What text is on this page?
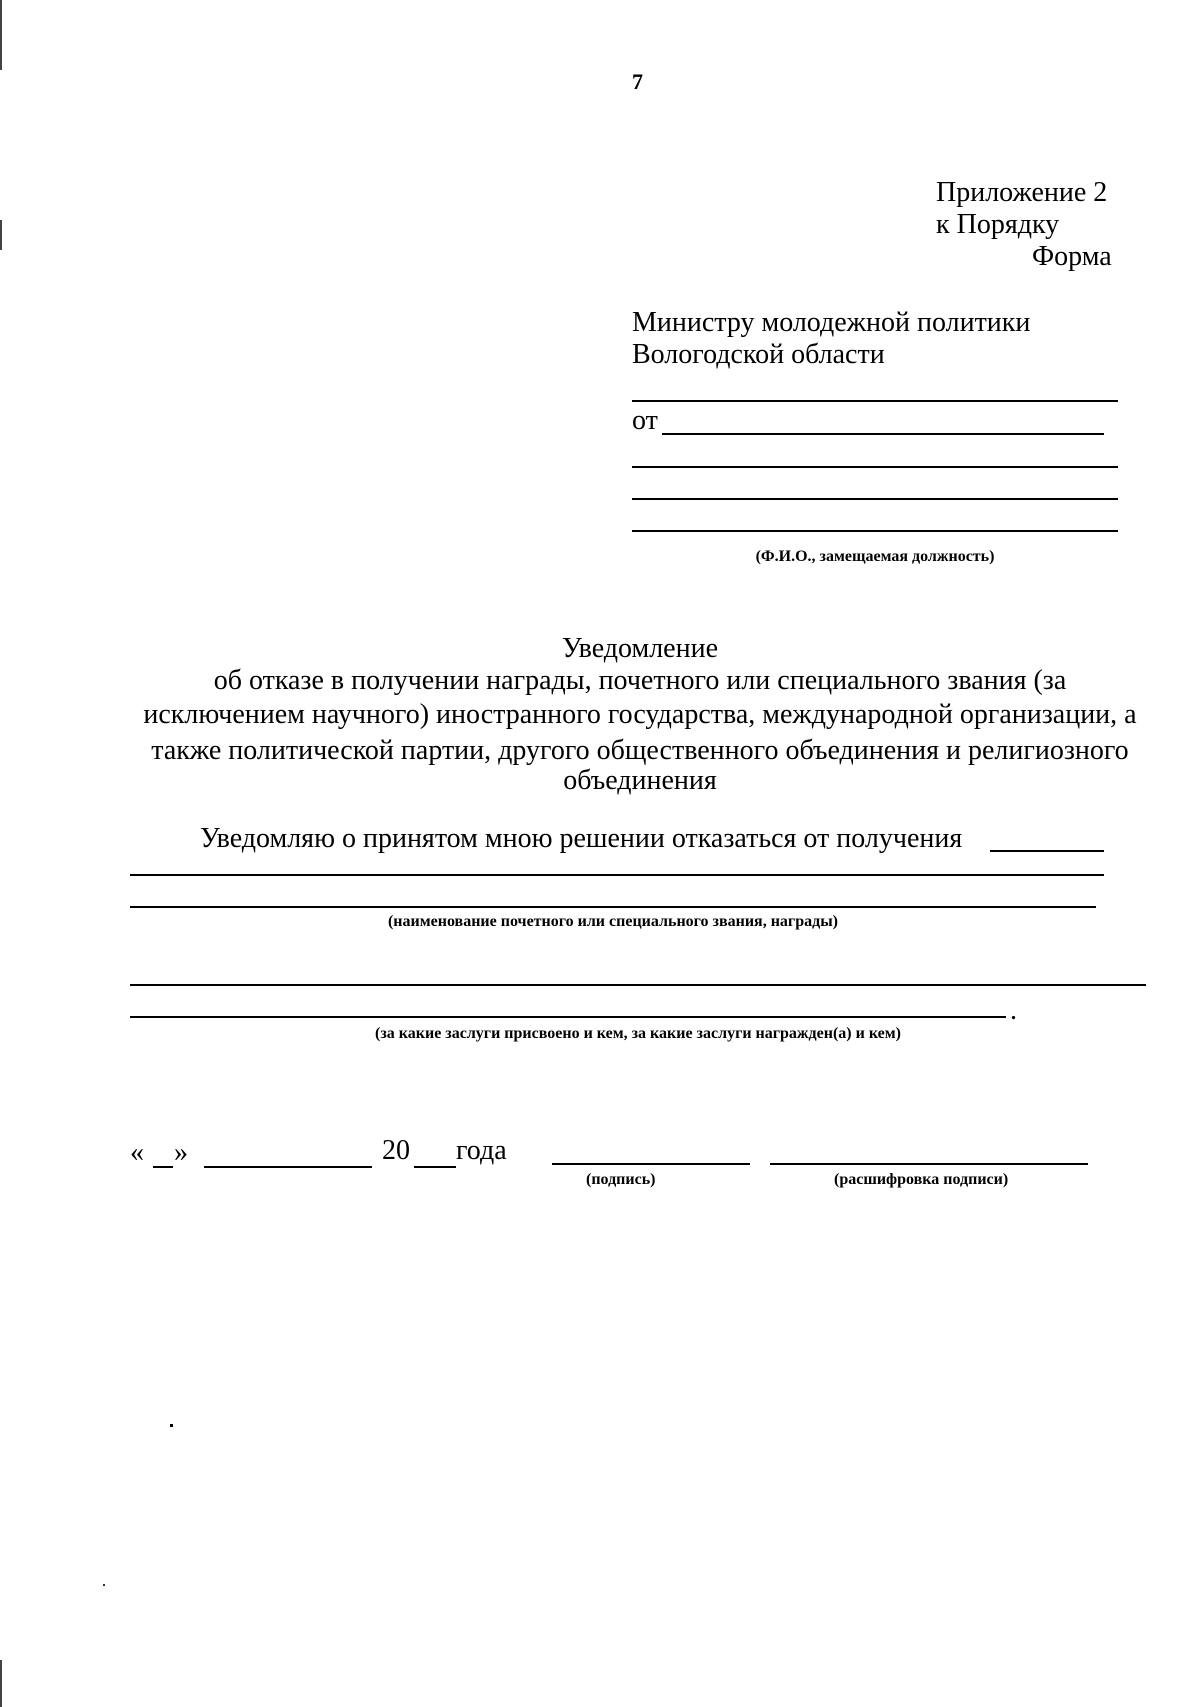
7
Приложение 2
к Порядку
Форма
Министру молодежной политики
Вологодской области
от
(Ф.И.О., замещаемая должность)
Уведомление
об отказе в получении награды, почетного или специального звания (за
исключением научного) иностранного государства, международной организации, а
также политической партии, другого общественного объединения и религиозного
объединения
Уведомляю о принятом мною решении отказаться от получения
(наименование почетного или специального звания, награды)
.
(за какие заслуги присвоено и кем, за какие заслуги награжден(а) и кем)
« »	20 года
(подпись)	(расшифровка подписи)
